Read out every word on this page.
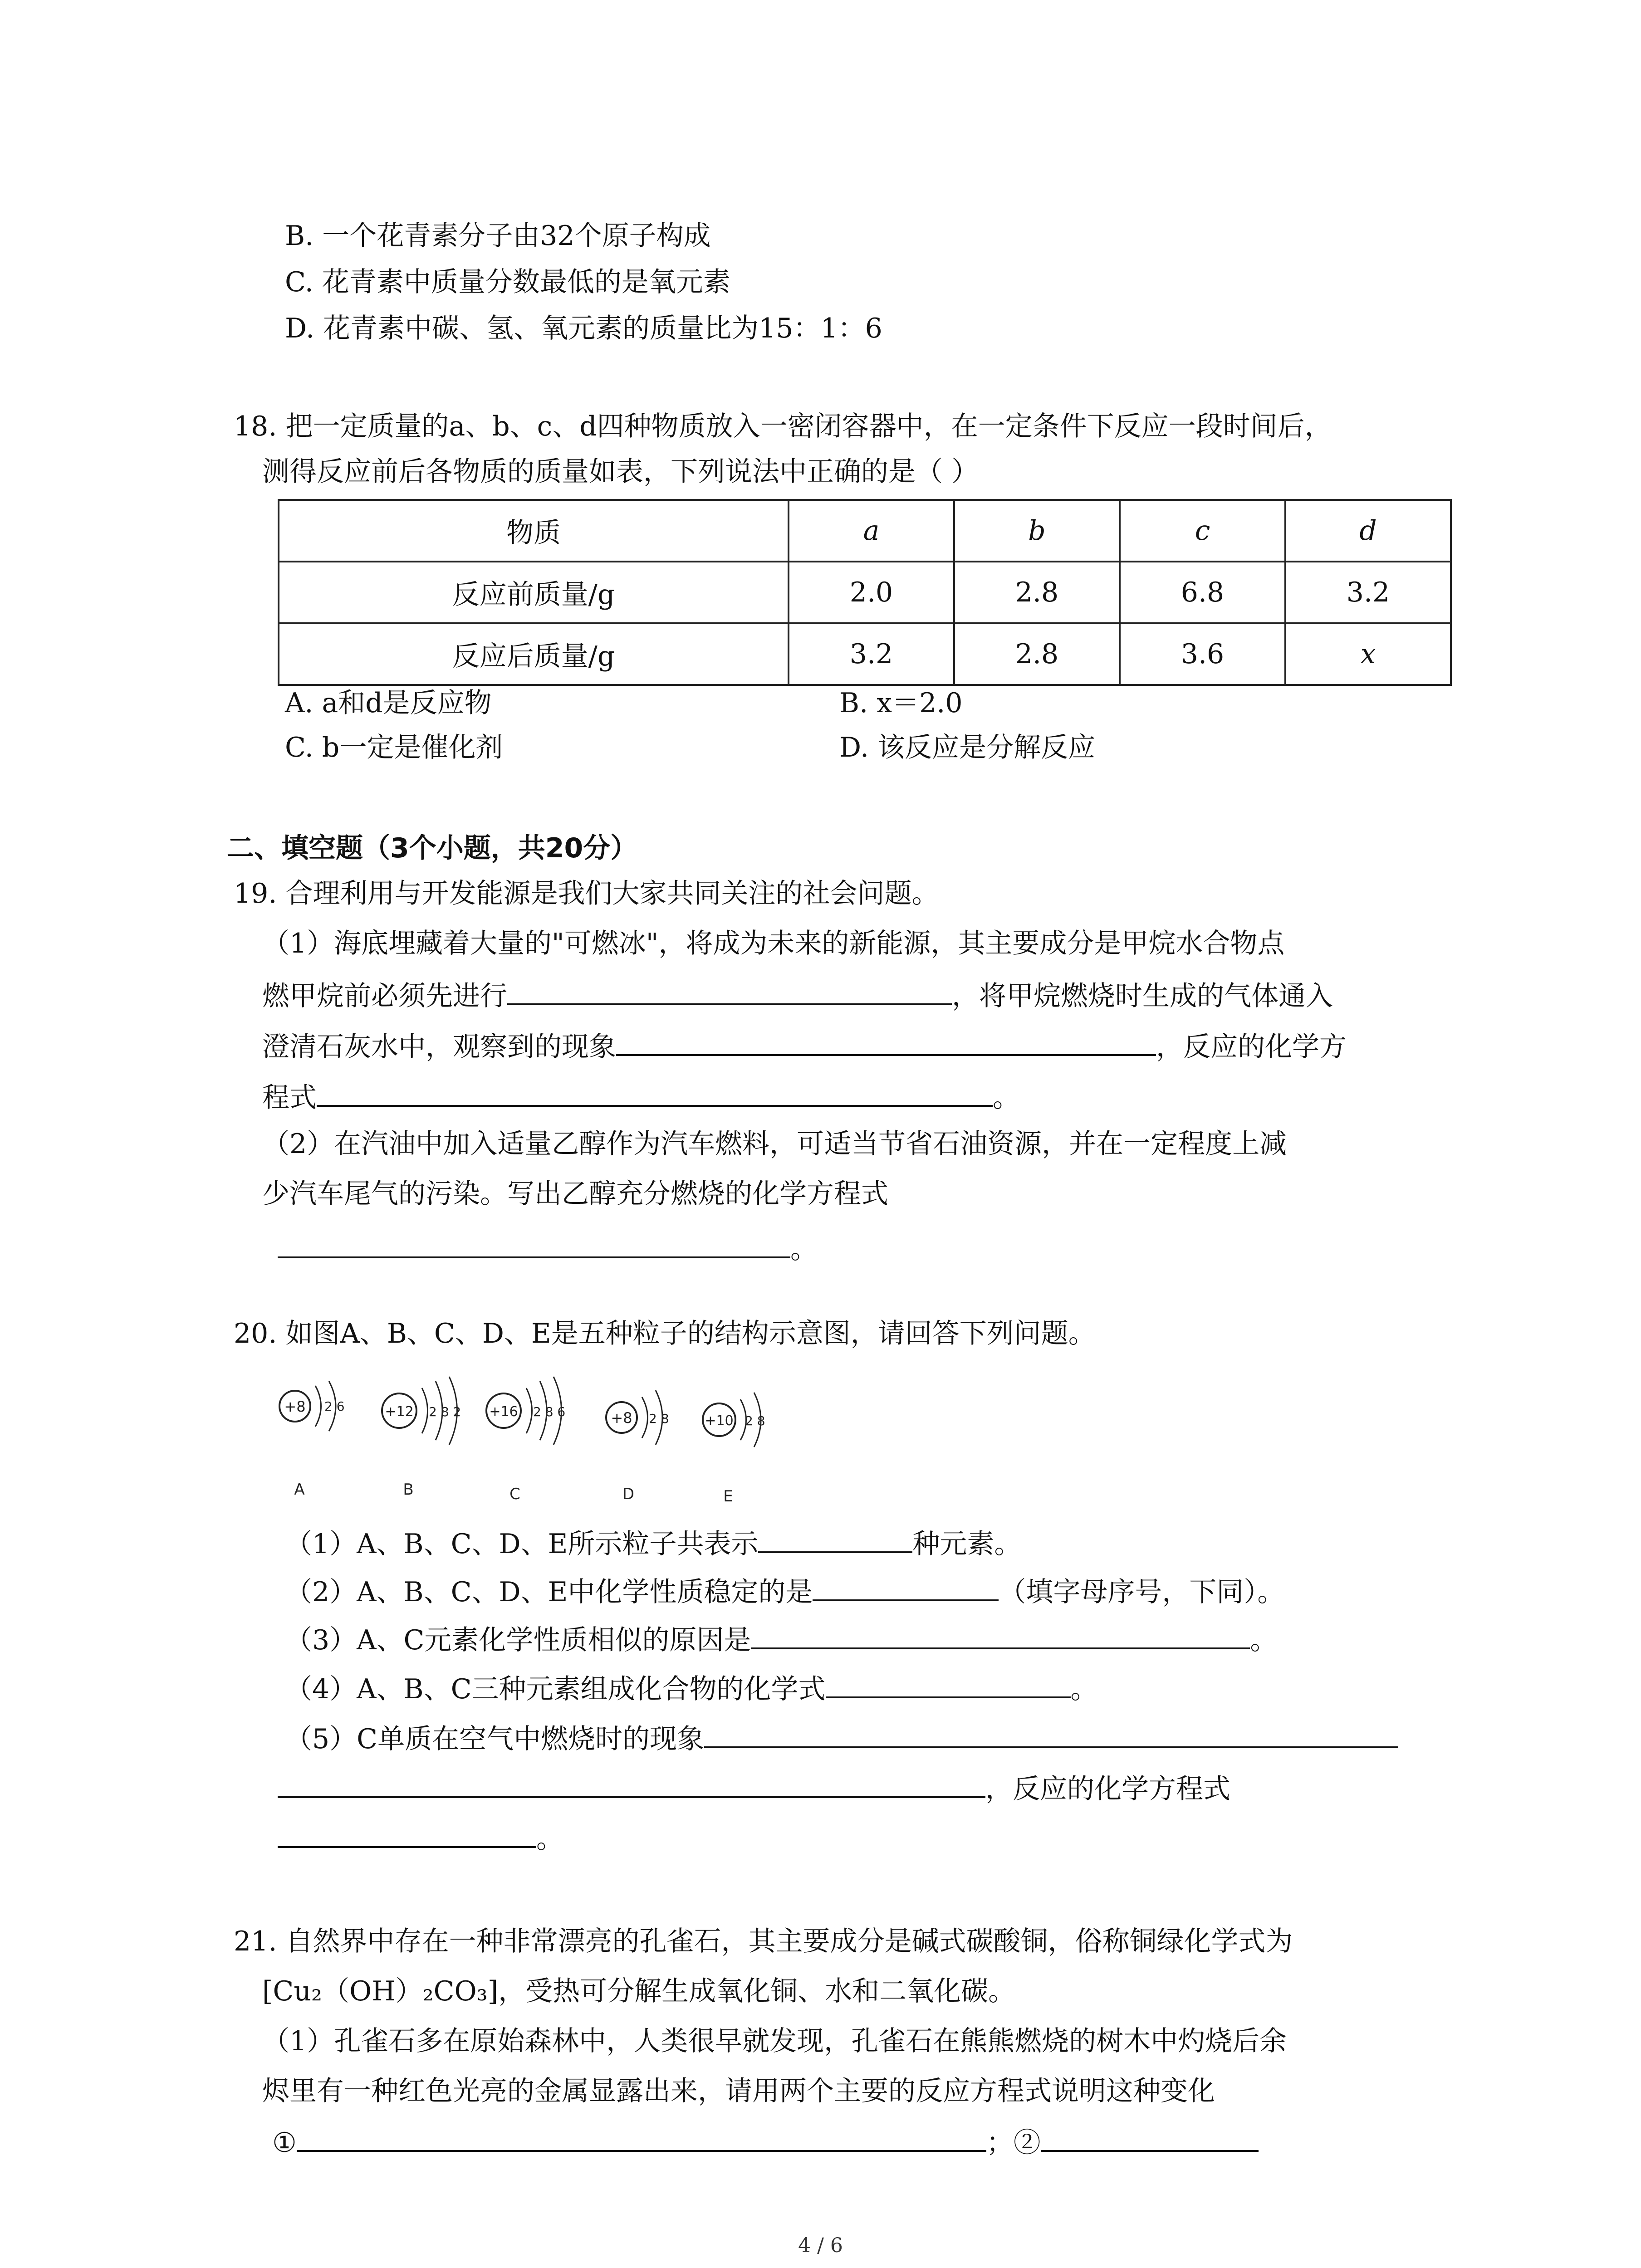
B. 一个花青素分子由32个原子构成
C. 花青素中质量分数最低的是氧元素
D. 花青素中碳、氢、氧元素的质量比为15：1：6
18. 把一定质量的a、b、c、d四种物质放入一密闭容器中，在一定条件下反应一段时间后，
测得反应前后各物质的质量如表，下列说法中正确的是（ ）
物质	a	b	c	d
反应前质量/g	2.0	2.8	6.8	3.2
反应后质量/g	3.2	2.8	3.6	x
A. a和d是反应物	B. x＝2.0
C. b一定是催化剂	D. 该反应是分解反应
二、填空题（3个小题，共20分）
19. 合理利用与开发能源是我们大家共同关注的社会问题。
（1）海底埋藏着大量的"可燃冰"，将成为未来的新能源，其主要成分是甲烷水合物点
燃甲烷前必须先进行	，将甲烷燃烧时生成的气体通入
澄清石灰水中，观察到的现象	，反应的化学方
程式	。
（2）在汽油中加入适量乙醇作为汽车燃料，可适当节省石油资源，并在一定程度上减
少汽车尾气的污染。写出乙醇充分燃烧的化学方程式
。
20. 如图A、B、C、D、E是五种粒子的结构示意图，请回答下列问题。
+8 2 6
A
+12 2 8 2
B
+16 2 8 6
C
+8 2 8
D
+10 2 8
E
（1）A、B、C、D、E所示粒子共表示	种元素。
（2）A、B、C、D、E中化学性质稳定的是	（填字母序号，下同）。
（3）A、C元素化学性质相似的原因是	。
（4）A、B、C三种元素组成化合物的化学式	。
（5）C单质在空气中燃烧时的现象
，反应的化学方程式
。
21. 自然界中存在一种非常漂亮的孔雀石，其主要成分是碱式碳酸铜，俗称铜绿化学式为
[Cu₂（OH）₂CO₃]，受热可分解生成氧化铜、水和二氧化碳。
（1）孔雀石多在原始森林中，人类很早就发现，孔雀石在熊熊燃烧的树木中灼烧后余
烬里有一种红色光亮的金属显露出来，请用两个主要的反应方程式说明这种变化
①	；②
4 / 6
